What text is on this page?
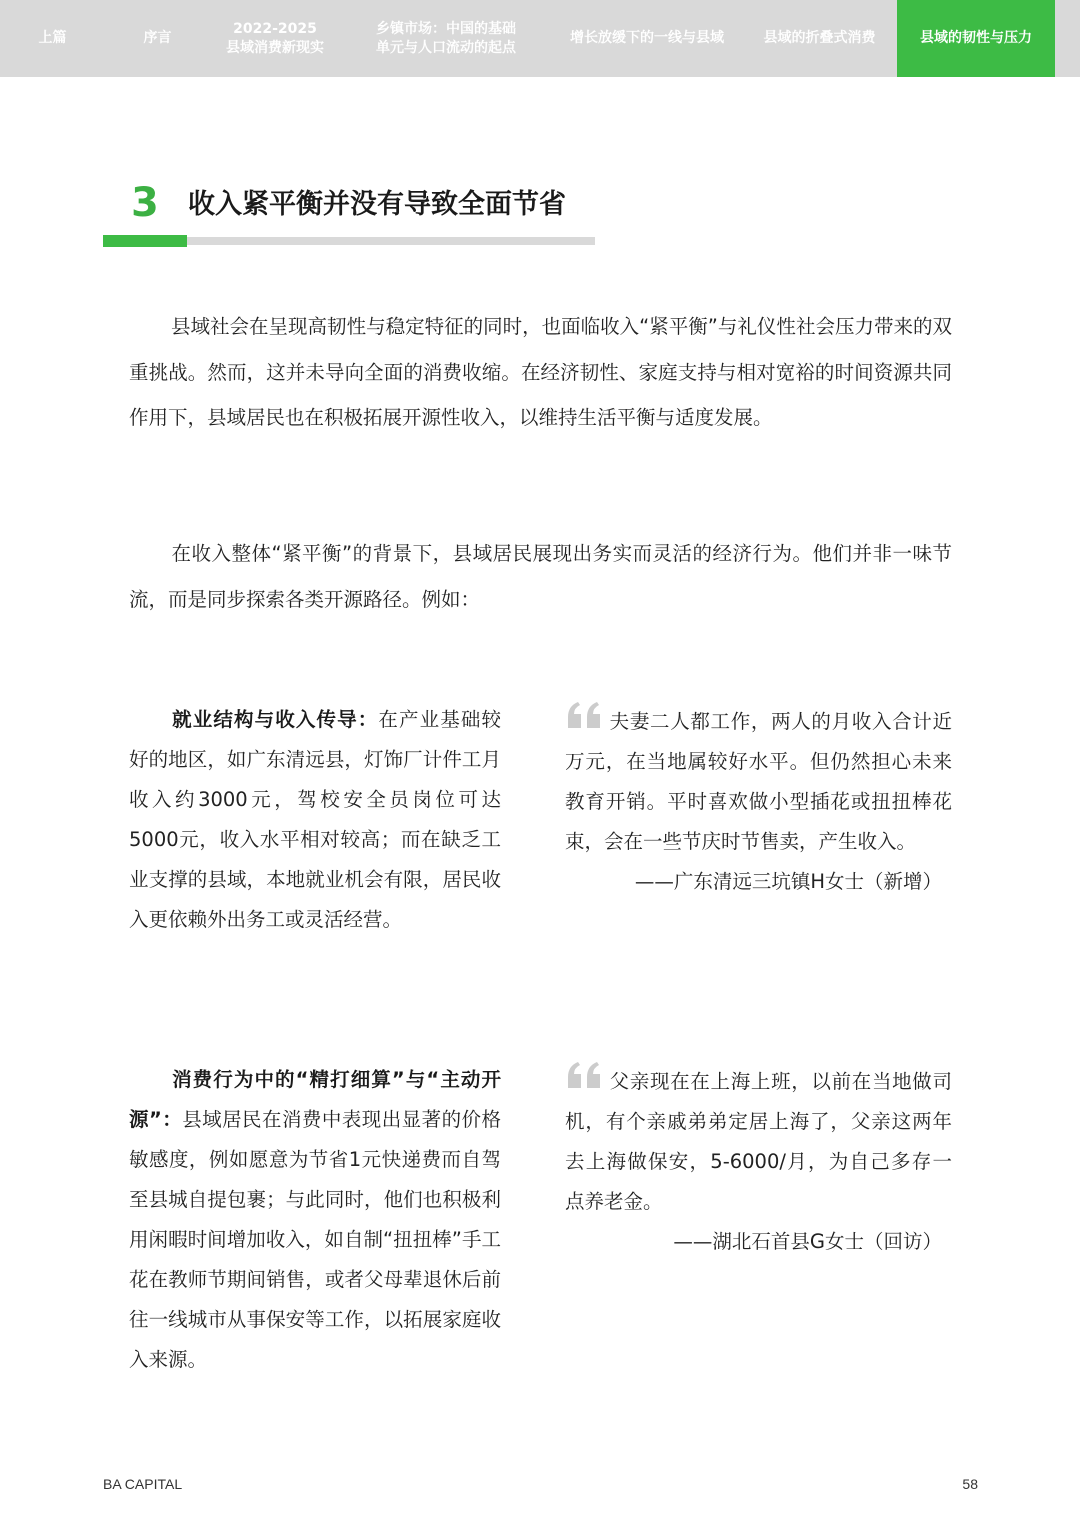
上篇	序言
2022-2025
县域消费新现实
乡镇市场：中国的基础
单元与人口流动的起点
增长放缓下的一线与县域	县域的折叠式消费	县域的韧性与压力
3 收入紧平衡并没有导致全面节省
县域社会在呈现高韧性与稳定特征的同时，也面临收入“紧平衡”与礼仪性社会压力带来的双重挑战。然而，这并未导向全面的消费收缩。在经济韧性、家庭支持与相对宽裕的时间资源共同作用下，县域居民也在积极拓展开源性收入，以维持生活平衡与适度发展。
在收入整体“紧平衡”的背景下，县域居民展现出务实而灵活的经济行为。他们并非一味节流，而是同步探索各类开源路径。例如：
就业结构与收入传导：在产业基础较好的地区，如广东清远县，灯饰厂计件工月收入约3000元，驾校安全员岗位可达5000元，收入水平相对较高；而在缺乏工业支撑的县域，本地就业机会有限，居民收入更依赖外出务工或灵活经营。
夫妻二人都工作，两人的月收入合计近万元，在当地属较好水平。但仍然担心未来教育开销。平时喜欢做小型插花或扭扭棒花束，会在一些节庆时节售卖，产生收入。
——广东清远三坑镇H女士（新增）
消费行为中的“精打细算”与“主动开源”：县域居民在消费中表现出显著的价格敏感度，例如愿意为节省1元快递费而自驾至县城自提包裹；与此同时，他们也积极利用闲暇时间增加收入，如自制“扭扭棒”手工花在教师节期间销售，或者父母辈退休后前往一线城市从事保安等工作，以拓展家庭收入来源。
父亲现在在上海上班，以前在当地做司机，有个亲戚弟弟定居上海了，父亲这两年去上海做保安，5-6000/月，为自己多存一点养老金。
——湖北石首县G女士（回访）
BA CAPITAL	58
